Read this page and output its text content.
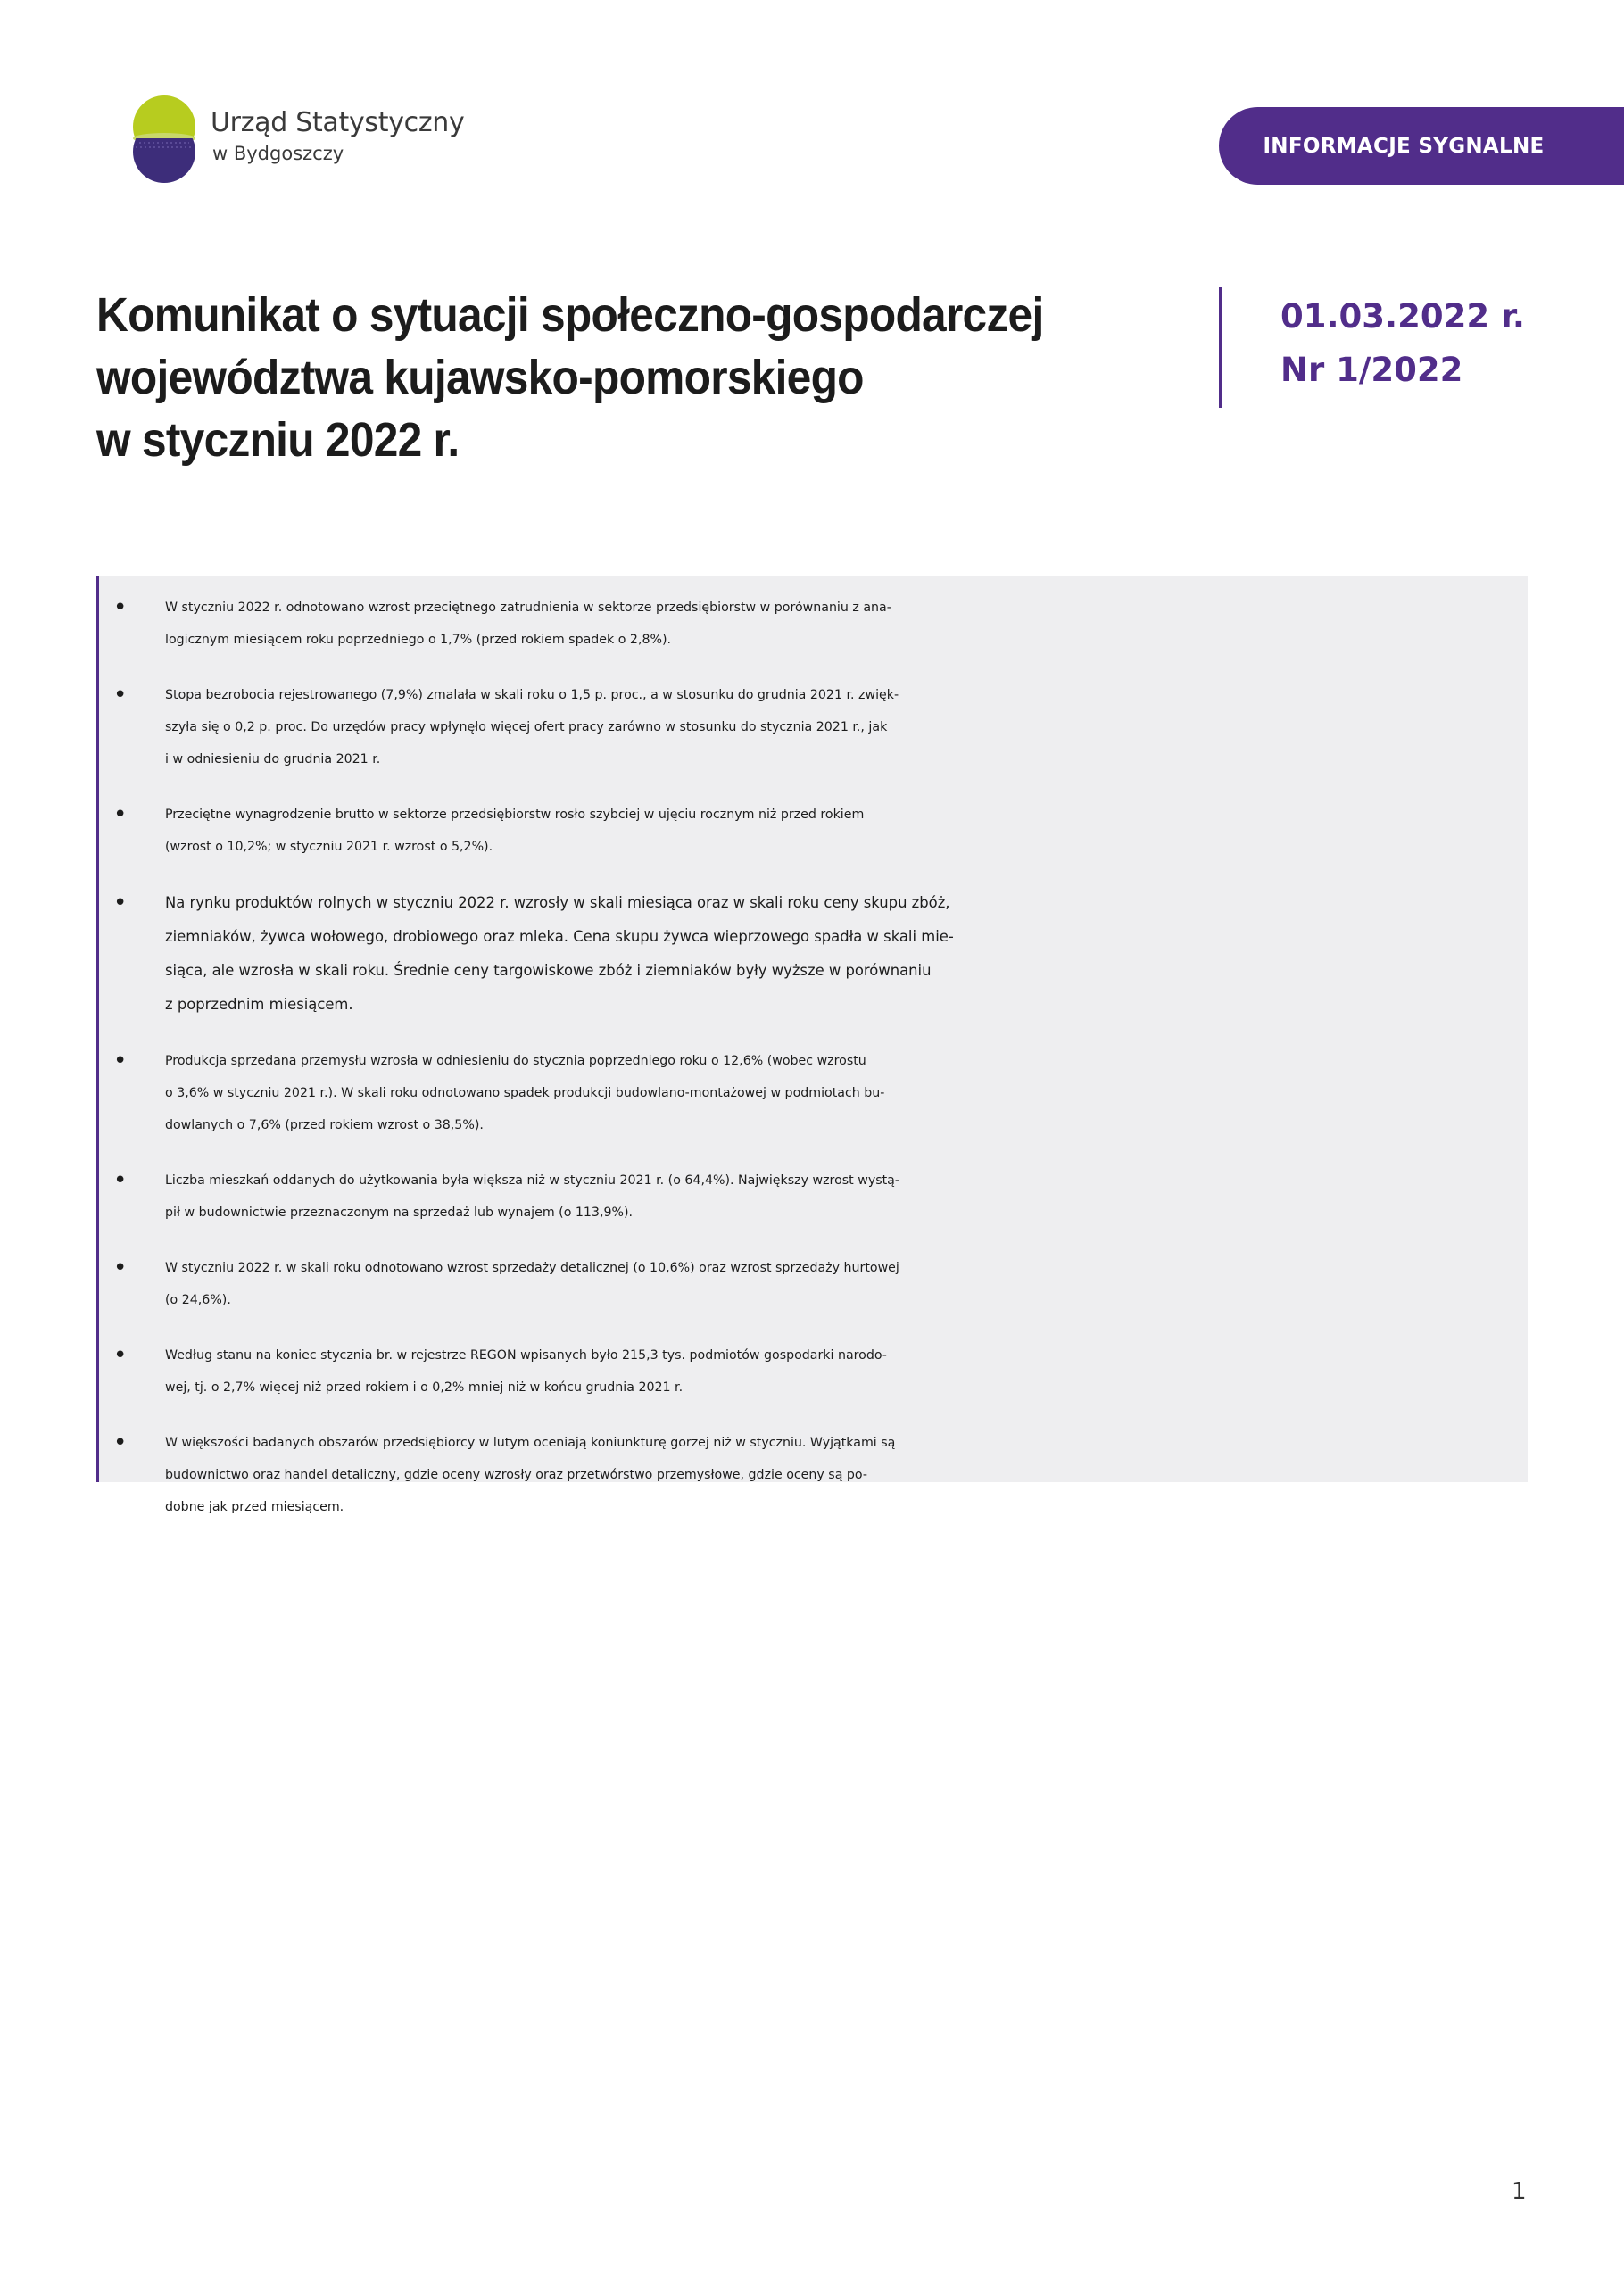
Urząd Statystyczny
w Bydgoszczy	INFORMACJE SYGNALNE
Komunikat o sytuacji społeczno-gospodarczej
województwa kujawsko-pomorskiego
w styczniu 2022 r.
01.03.2022 r.
Nr 1/2022
•	W styczniu 2022 r. odnotowano wzrost przeciętnego zatrudnienia w sektorze przedsiębiorstw w porównaniu z ana-
logicznym miesiącem roku poprzedniego o 1,7% (przed rokiem spadek o 2,8%).
•	Stopa bezrobocia rejestrowanego (7,9%) zmalała w skali roku o 1,5 p. proc., a w stosunku do grudnia 2021 r. zwięk-
szyła się o 0,2 p. proc. Do urzędów pracy wpłynęło więcej ofert pracy zarówno w stosunku do stycznia 2021 r., jak
i w odniesieniu do grudnia 2021 r.
•	Przeciętne wynagrodzenie brutto w sektorze przedsiębiorstw rosło szybciej w ujęciu rocznym niż przed rokiem
(wzrost o 10,2%; w styczniu 2021 r. wzrost o 5,2%).
•	Na rynku produktów rolnych w styczniu 2022 r. wzrosły w skali miesiąca oraz w skali roku ceny skupu zbóż,
ziemniaków, żywca wołowego, drobiowego oraz mleka. Cena skupu żywca wieprzowego spadła w skali mie-
siąca, ale wzrosła w skali roku. Średnie ceny targowiskowe zbóż i ziemniaków były wyższe w porównaniu
z poprzednim miesiącem.
•	Produkcja sprzedana przemysłu wzrosła w odniesieniu do stycznia poprzedniego roku o 12,6% (wobec wzrostu
o 3,6% w styczniu 2021 r.). W skali roku odnotowano spadek produkcji budowlano-montażowej w podmiotach bu-
dowlanych o 7,6% (przed rokiem wzrost o 38,5%).
•	Liczba mieszkań oddanych do użytkowania była większa niż w styczniu 2021 r. (o 64,4%). Największy wzrost wystą-
pił w budownictwie przeznaczonym na sprzedaż lub wynajem (o 113,9%).
•	W styczniu 2022 r. w skali roku odnotowano wzrost sprzedaży detalicznej (o 10,6%) oraz wzrost sprzedaży hurtowej
(o 24,6%).
•	Według stanu na koniec stycznia br. w rejestrze REGON wpisanych było 215,3 tys. podmiotów gospodarki narodo-
wej, tj. o 2,7% więcej niż przed rokiem i o 0,2% mniej niż w końcu grudnia 2021 r.
•	W większości badanych obszarów przedsiębiorcy w lutym oceniają koniunkturę gorzej niż w styczniu. Wyjątkami są
budownictwo oraz handel detaliczny, gdzie oceny wzrosły oraz przetwórstwo przemysłowe, gdzie oceny są po-
dobne jak przed miesiącem.
1
